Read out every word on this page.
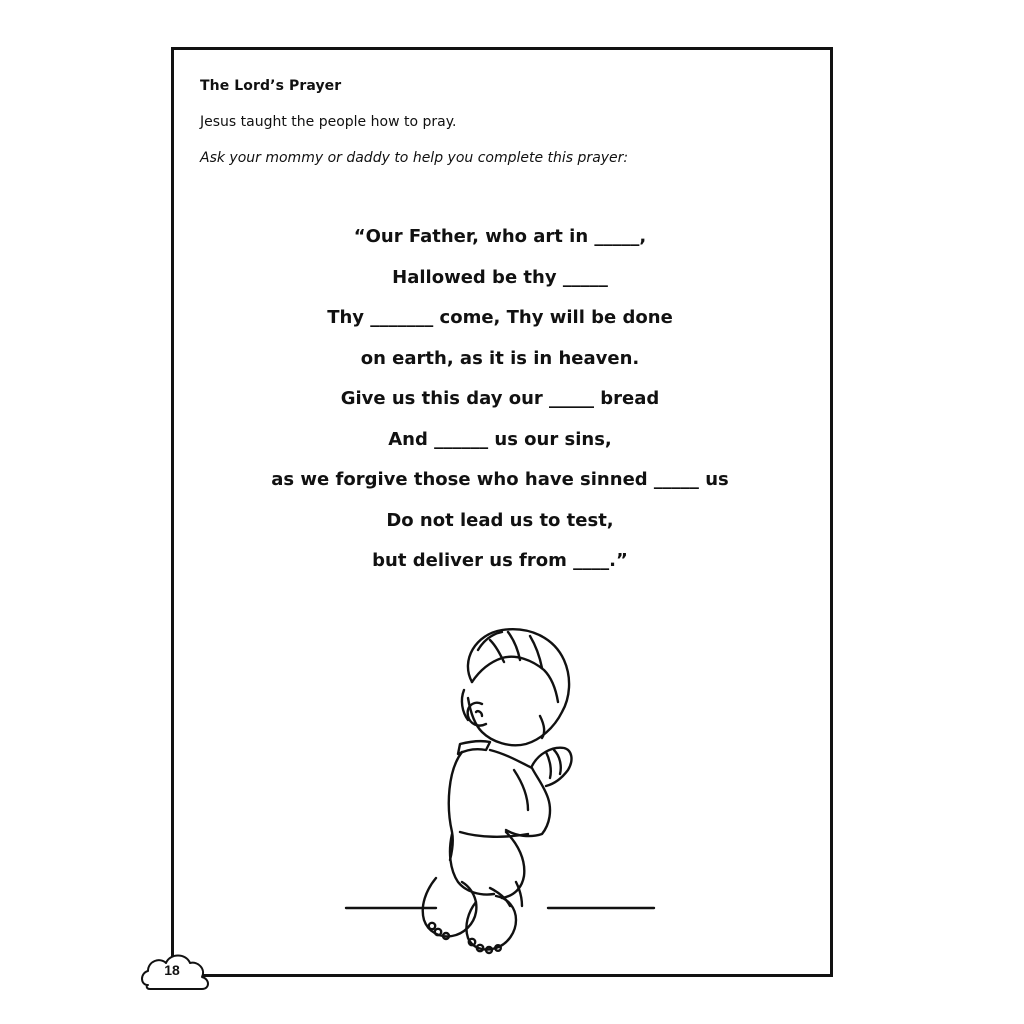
The Lord’s Prayer
Jesus taught the people how to pray.
Ask your mommy or daddy to help you complete this prayer:
“Our Father, who art in _____,
Hallowed be thy _____
Thy _______ come, Thy will be done
on earth, as it is in heaven.
Give us this day our _____ bread
And ______ us our sins,
as we forgive those who have sinned _____ us
Do not lead us to test,
but deliver us from ____.”
18
